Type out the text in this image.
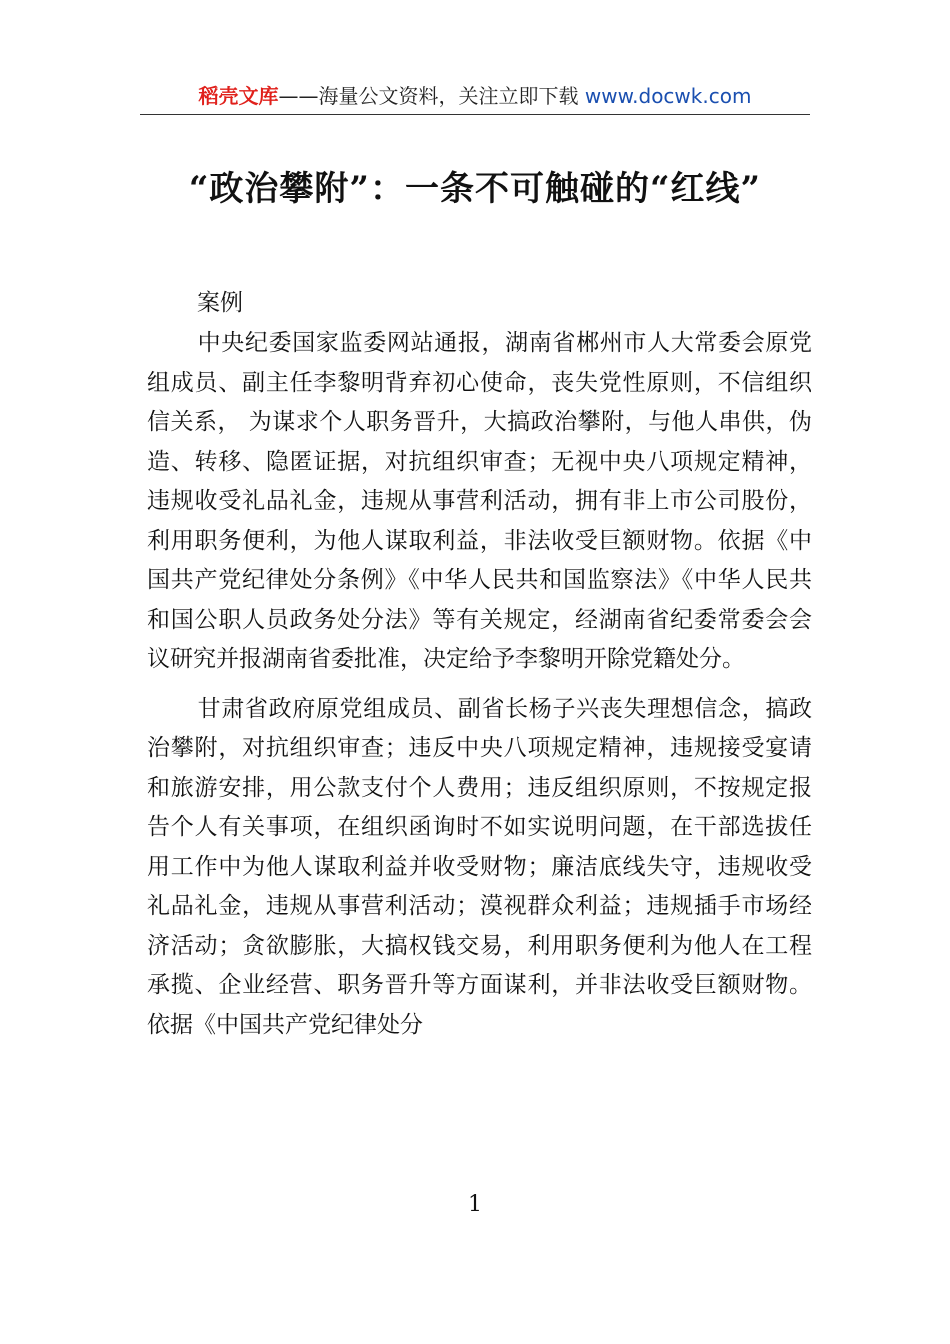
稻壳文库——海量公文资料，关注立即下载 www.docwk.com
“政治攀附”：一条不可触碰的“红线”

案例

中央纪委国家监委网站通报，湖南省郴州市人大常委会原党组成员、副主任李黎明背弃初心使命，丧失党性原则，不信组织信关系， 为谋求个人职务晋升，大搞政治攀附，与他人串供，伪造、转移、隐匿证据，对抗组织审查；无视中央八项规定精神，违规收受礼品礼金，违规从事营利活动，拥有非上市公司股份，利用职务便利，为他人谋取利益，非法收受巨额财物。依据《中国共产党纪律处分条例》《中华人民共和国监察法》《中华人民共和国公职人员政务处分法》等有关规定，经湖南省纪委常委会会议研究并报湖南省委批准，决定给予李黎明开除党籍处分。

甘肃省政府原党组成员、副省长杨子兴丧失理想信念，搞政治攀附，对抗组织审查；违反中央八项规定精神，违规接受宴请和旅游安排，用公款支付个人费用；违反组织原则，不按规定报告个人有关事项，在组织函询时不如实说明问题，在干部选拔任用工作中为他人谋取利益并收受财物；廉洁底线失守，违规收受礼品礼金，违规从事营利活动；漠视群众利益；违规插手市场经济活动；贪欲膨胀，大搞权钱交易，利用职务便利为他人在工程承揽、企业经营、职务晋升等方面谋利，并非法收受巨额财物。依据《中国共产党纪律处分

1
